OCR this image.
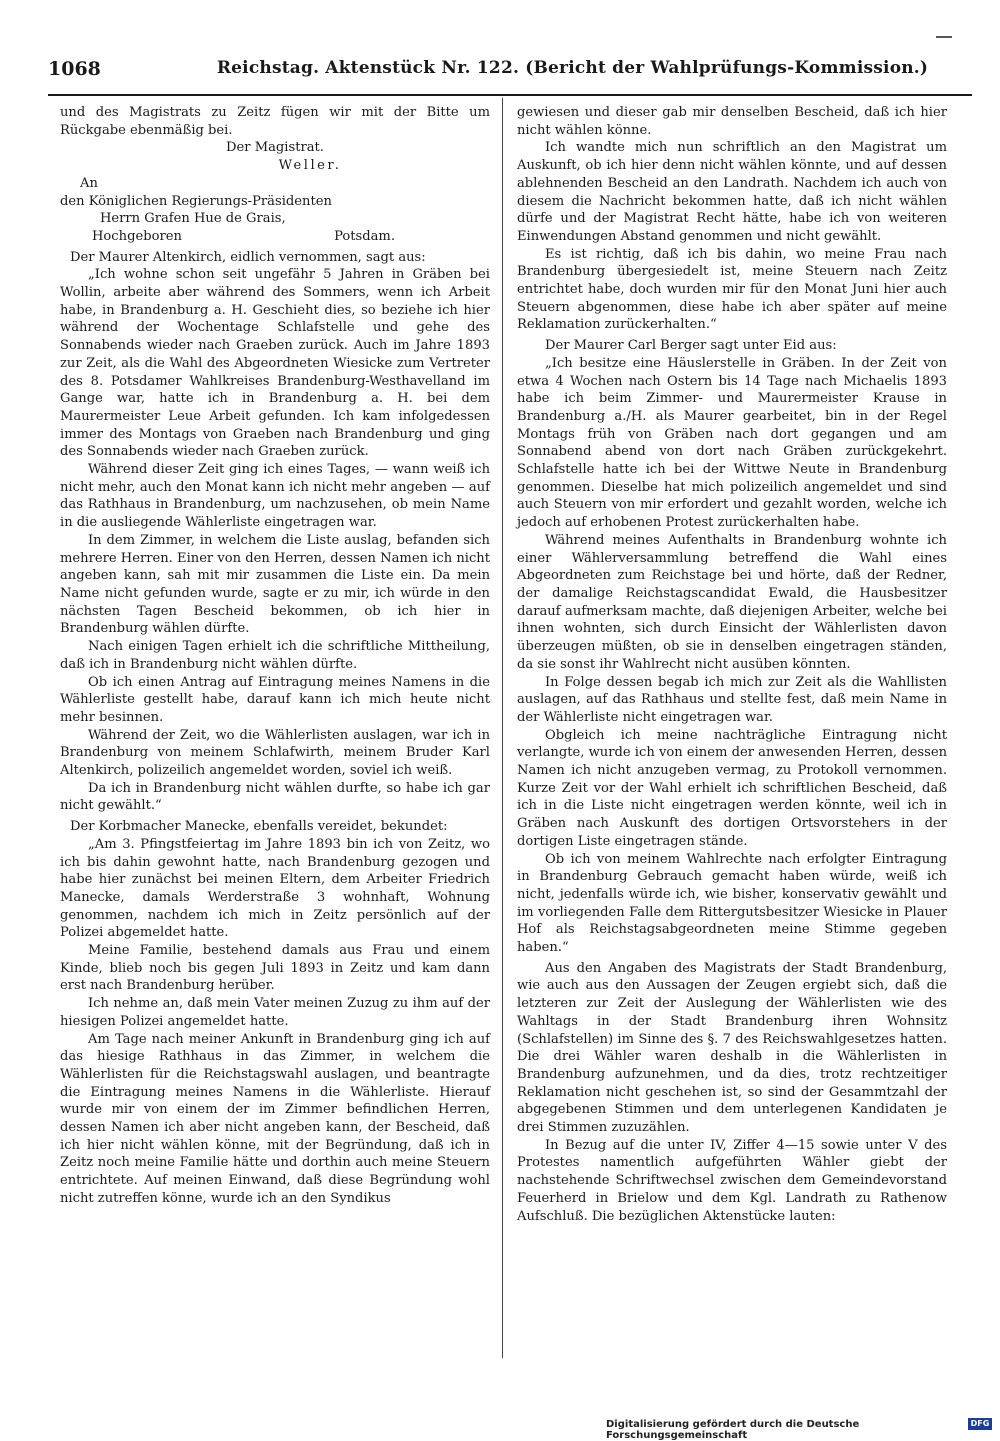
1068	Reichstag. Aktenstück Nr. 122. (Bericht der Wahlprüfungs-Kommission.)

und des Magistrats zu Zeitz fügen wir mit der Bitte um Rückgabe ebenmäßig bei.

Der Magistrat.

Weller.

An

den Königlichen Regierungs-Präsidenten

Herrn Grafen Hue de Grais,

Hochgeboren	Potsdam.

Der Maurer Altenkirch, eidlich vernommen, sagt aus:

„Ich wohne schon seit ungefähr 5 Jahren in Gräben bei Wollin, arbeite aber während des Sommers, wenn ich Arbeit habe, in Brandenburg a. H. Geschieht dies, so beziehe ich hier während der Wochentage Schlafstelle und gehe des Sonnabends wieder nach Graeben zurück. Auch im Jahre 1893 zur Zeit, als die Wahl des Abgeordneten Wiesicke zum Vertreter des 8. Potsdamer Wahlkreises Brandenburg-Westhavelland im Gange war, hatte ich in Brandenburg a. H. bei dem Maurermeister Leue Arbeit gefunden. Ich kam infolgedessen immer des Montags von Graeben nach Brandenburg und ging des Sonnabends wieder nach Graeben zurück.

Während dieser Zeit ging ich eines Tages, — wann weiß ich nicht mehr, auch den Monat kann ich nicht mehr angeben — auf das Rathhaus in Brandenburg, um nachzusehen, ob mein Name in die ausliegende Wählerliste eingetragen war.

In dem Zimmer, in welchem die Liste auslag, befanden sich mehrere Herren. Einer von den Herren, dessen Namen ich nicht angeben kann, sah mit mir zusammen die Liste ein. Da mein Name nicht gefunden wurde, sagte er zu mir, ich würde in den nächsten Tagen Bescheid bekommen, ob ich hier in Brandenburg wählen dürfte.

Nach einigen Tagen erhielt ich die schriftliche Mittheilung, daß ich in Brandenburg nicht wählen dürfte.

Ob ich einen Antrag auf Eintragung meines Namens in die Wählerliste gestellt habe, darauf kann ich mich heute nicht mehr besinnen.

Während der Zeit, wo die Wählerlisten auslagen, war ich in Brandenburg von meinem Schlafwirth, meinem Bruder Karl Altenkirch, polizeilich angemeldet worden, soviel ich weiß.

Da ich in Brandenburg nicht wählen durfte, so habe ich gar nicht gewählt.“

Der Korbmacher Manecke, ebenfalls vereidet, bekundet:

„Am 3. Pfingstfeiertag im Jahre 1893 bin ich von Zeitz, wo ich bis dahin gewohnt hatte, nach Brandenburg gezogen und habe hier zunächst bei meinen Eltern, dem Arbeiter Friedrich Manecke, damals Werderstraße 3 wohnhaft, Wohnung genommen, nachdem ich mich in Zeitz persönlich auf der Polizei abgemeldet hatte.

Meine Familie, bestehend damals aus Frau und einem Kinde, blieb noch bis gegen Juli 1893 in Zeitz und kam dann erst nach Brandenburg herüber.

Ich nehme an, daß mein Vater meinen Zuzug zu ihm auf der hiesigen Polizei angemeldet hatte.

Am Tage nach meiner Ankunft in Brandenburg ging ich auf das hiesige Rathhaus in das Zimmer, in welchem die Wählerlisten für die Reichstagswahl auslagen, und beantragte die Eintragung meines Namens in die Wählerliste. Hierauf wurde mir von einem der im Zimmer befindlichen Herren, dessen Namen ich aber nicht angeben kann, der Bescheid, daß ich hier nicht wählen könne, mit der Begründung, daß ich in Zeitz noch meine Familie hätte und dorthin auch meine Steuern entrichtete. Auf meinen Einwand, daß diese Begründung wohl nicht zutreffen könne, wurde ich an den Syndikus

gewiesen und dieser gab mir denselben Bescheid, daß ich hier nicht wählen könne.

Ich wandte mich nun schriftlich an den Magistrat um Auskunft, ob ich hier denn nicht wählen könnte, und auf dessen ablehnenden Bescheid an den Landrath. Nachdem ich auch von diesem die Nachricht bekommen hatte, daß ich nicht wählen dürfe und der Magistrat Recht hätte, habe ich von weiteren Einwendungen Abstand genommen und nicht gewählt.

Es ist richtig, daß ich bis dahin, wo meine Frau nach Brandenburg übergesiedelt ist, meine Steuern nach Zeitz entrichtet habe, doch wurden mir für den Monat Juni hier auch Steuern abgenommen, diese habe ich aber später auf meine Reklamation zurückerhalten.“

Der Maurer Carl Berger sagt unter Eid aus:

„Ich besitze eine Häuslerstelle in Gräben. In der Zeit von etwa 4 Wochen nach Ostern bis 14 Tage nach Michaelis 1893 habe ich beim Zimmer- und Maurermeister Krause in Brandenburg a./H. als Maurer gearbeitet, bin in der Regel Montags früh von Gräben nach dort gegangen und am Sonnabend abend von dort nach Gräben zurückgekehrt. Schlafstelle hatte ich bei der Wittwe Neute in Brandenburg genommen. Dieselbe hat mich polizeilich angemeldet und sind auch Steuern von mir erfordert und gezahlt worden, welche ich jedoch auf erhobenen Protest zurückerhalten habe.

Während meines Aufenthalts in Brandenburg wohnte ich einer Wählerversammlung betreffend die Wahl eines Abgeordneten zum Reichstage bei und hörte, daß der Redner, der damalige Reichstagscandidat Ewald, die Hausbesitzer darauf aufmerksam machte, daß diejenigen Arbeiter, welche bei ihnen wohnten, sich durch Einsicht der Wählerlisten davon überzeugen müßten, ob sie in denselben eingetragen ständen, da sie sonst ihr Wahlrecht nicht ausüben könnten.

In Folge dessen begab ich mich zur Zeit als die Wahllisten auslagen, auf das Rathhaus und stellte fest, daß mein Name in der Wählerliste nicht eingetragen war.

Obgleich ich meine nachträgliche Eintragung nicht verlangte, wurde ich von einem der anwesenden Herren, dessen Namen ich nicht anzugeben vermag, zu Protokoll vernommen. Kurze Zeit vor der Wahl erhielt ich schriftlichen Bescheid, daß ich in die Liste nicht eingetragen werden könnte, weil ich in Gräben nach Auskunft des dortigen Ortsvorstehers in der dortigen Liste eingetragen stände.

Ob ich von meinem Wahlrechte nach erfolgter Eintragung in Brandenburg Gebrauch gemacht haben würde, weiß ich nicht, jedenfalls würde ich, wie bisher, konservativ gewählt und im vorliegenden Falle dem Rittergutsbesitzer Wiesicke in Plauer Hof als Reichstagsabgeordneten meine Stimme gegeben haben.“

Aus den Angaben des Magistrats der Stadt Brandenburg, wie auch aus den Aussagen der Zeugen ergiebt sich, daß die letzteren zur Zeit der Auslegung der Wählerlisten wie des Wahltags in der Stadt Brandenburg ihren Wohnsitz (Schlafstellen) im Sinne des §. 7 des Reichswahlgesetzes hatten. Die drei Wähler waren deshalb in die Wählerlisten in Brandenburg aufzunehmen, und da dies, trotz rechtzeitiger Reklamation nicht geschehen ist, so sind der Gesammtzahl der abgegebenen Stimmen und dem unterlegenen Kandidaten je drei Stimmen zuzuzählen.

In Bezug auf die unter IV, Ziffer 4—15 sowie unter V des Protestes namentlich aufgeführten Wähler giebt der nachstehende Schriftwechsel zwischen dem Gemeindevorstand Feuerherd in Brielow und dem Kgl. Landrath zu Rathenow Aufschluß. Die bezüglichen Aktenstücke lauten:

Digitalisierung gefördert durch die Deutsche Forschungsgemeinschaft
DFG
